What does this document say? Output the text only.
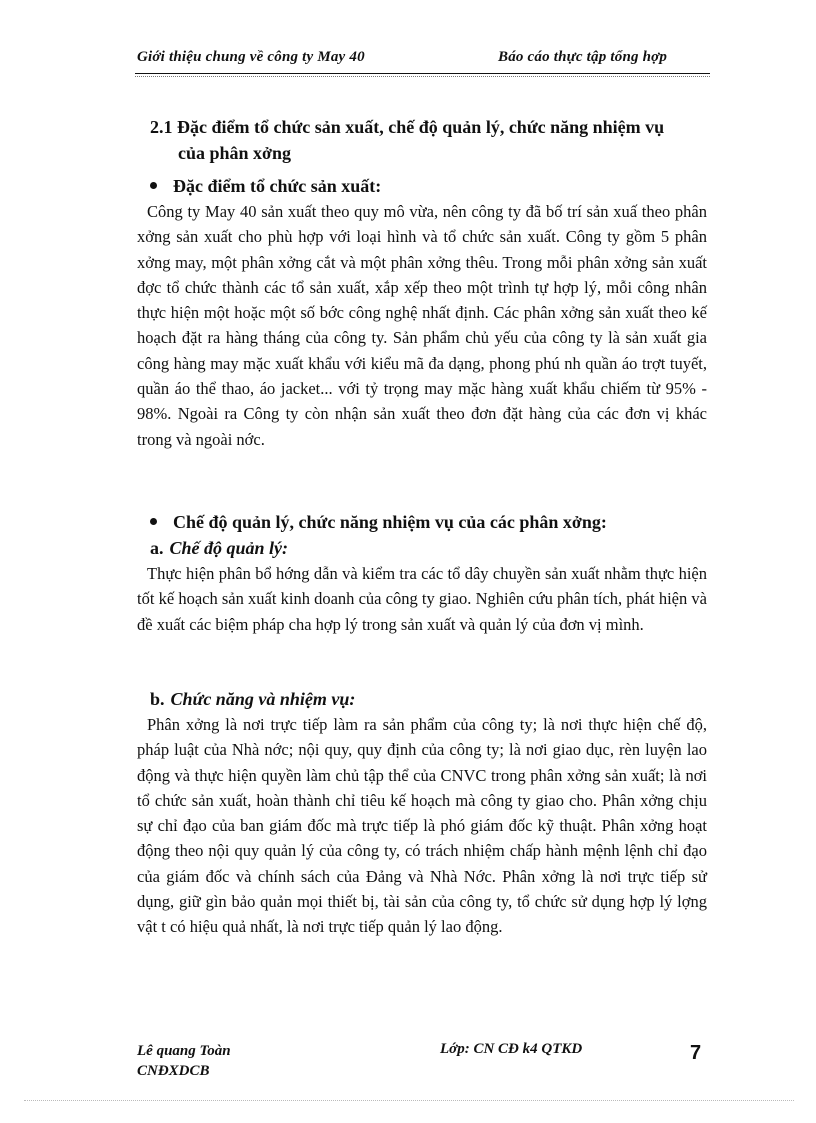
Giới thiệu chung về công ty May 40	Báo cáo thực tập tổng hợp
2.1 Đặc điểm tổ chức sản xuất, chế độ quản lý, chức năng nhiệm vụ
của phân xởng
Đặc điểm tổ chức sản xuất:

Công ty May 40 sản xuất theo quy mô vừa, nên công ty đã bố trí sản xuấ theo phân xởng sản xuất cho phù hợp với loại hình và tổ chức sản xuất. Công ty gồm 5 phân xởng may, một phân xởng cắt và một phân xởng thêu. Trong mỗi phân xởng sản xuất đợc tổ chức thành các tổ sản xuất, xắp xếp theo một trình tự hợp lý, mỗi công nhân thực hiện một hoặc một số bớc công nghệ nhất định. Các phân xởng sản xuất theo kế hoạch đặt ra hàng tháng của công ty. Sản phẩm chủ yếu của công ty là sản xuất gia công hàng may mặc xuất khẩu với kiểu mã đa dạng, phong phú nh quần áo trợt tuyết, quần áo thể thao, áo jacket... với tỷ trọng may mặc hàng xuất khẩu chiếm từ 95% - 98%. Ngoài ra Công ty còn nhận sản xuất theo đơn đặt hàng của các đơn vị khác trong và ngoài nớc.

Chế độ quản lý, chức năng nhiệm vụ của các phân xởng:
a. Chế độ quản lý:

Thực hiện phân bổ hớng dẫn và kiểm tra các tổ dây chuyền sản xuất nhằm thực hiện tốt kế hoạch sản xuất kinh doanh của công ty giao. Nghiên cứu phân tích, phát hiện và đề xuất các biệm pháp cha hợp lý trong sản xuất và quản lý của đơn vị mình.

b. Chức năng và nhiệm vụ:

Phân xởng là nơi trực tiếp làm ra sản phẩm của công ty; là nơi thực hiện chế độ, pháp luật của Nhà nớc; nội quy, quy định của công ty; là nơi giao dục, rèn luyện lao động và thực hiện quyền làm chủ tập thể của CNVC trong phân xởng sản xuất; là nơi tổ chức sản xuất, hoàn thành chỉ tiêu kế hoạch mà công ty giao cho. Phân xởng chịu sự chỉ đạo của ban giám đốc mà trực tiếp là phó giám đốc kỹ thuật. Phân xởng hoạt động theo nội quy quản lý của công ty, có trách nhiệm chấp hành mệnh lệnh chỉ đạo của giám đốc và chính sách của Đảng và Nhà Nớc. Phân xởng là nơi trực tiếp sử dụng, giữ gìn bảo quản mọi thiết bị, tài sản của công ty, tổ chức sử dụng hợp lý lợng vật t có hiệu quả nhất, là nơi trực tiếp quản lý lao động.

Lê quang Toàn
CNĐXDCB
Lớp: CN CĐ k4 QTKD	7
